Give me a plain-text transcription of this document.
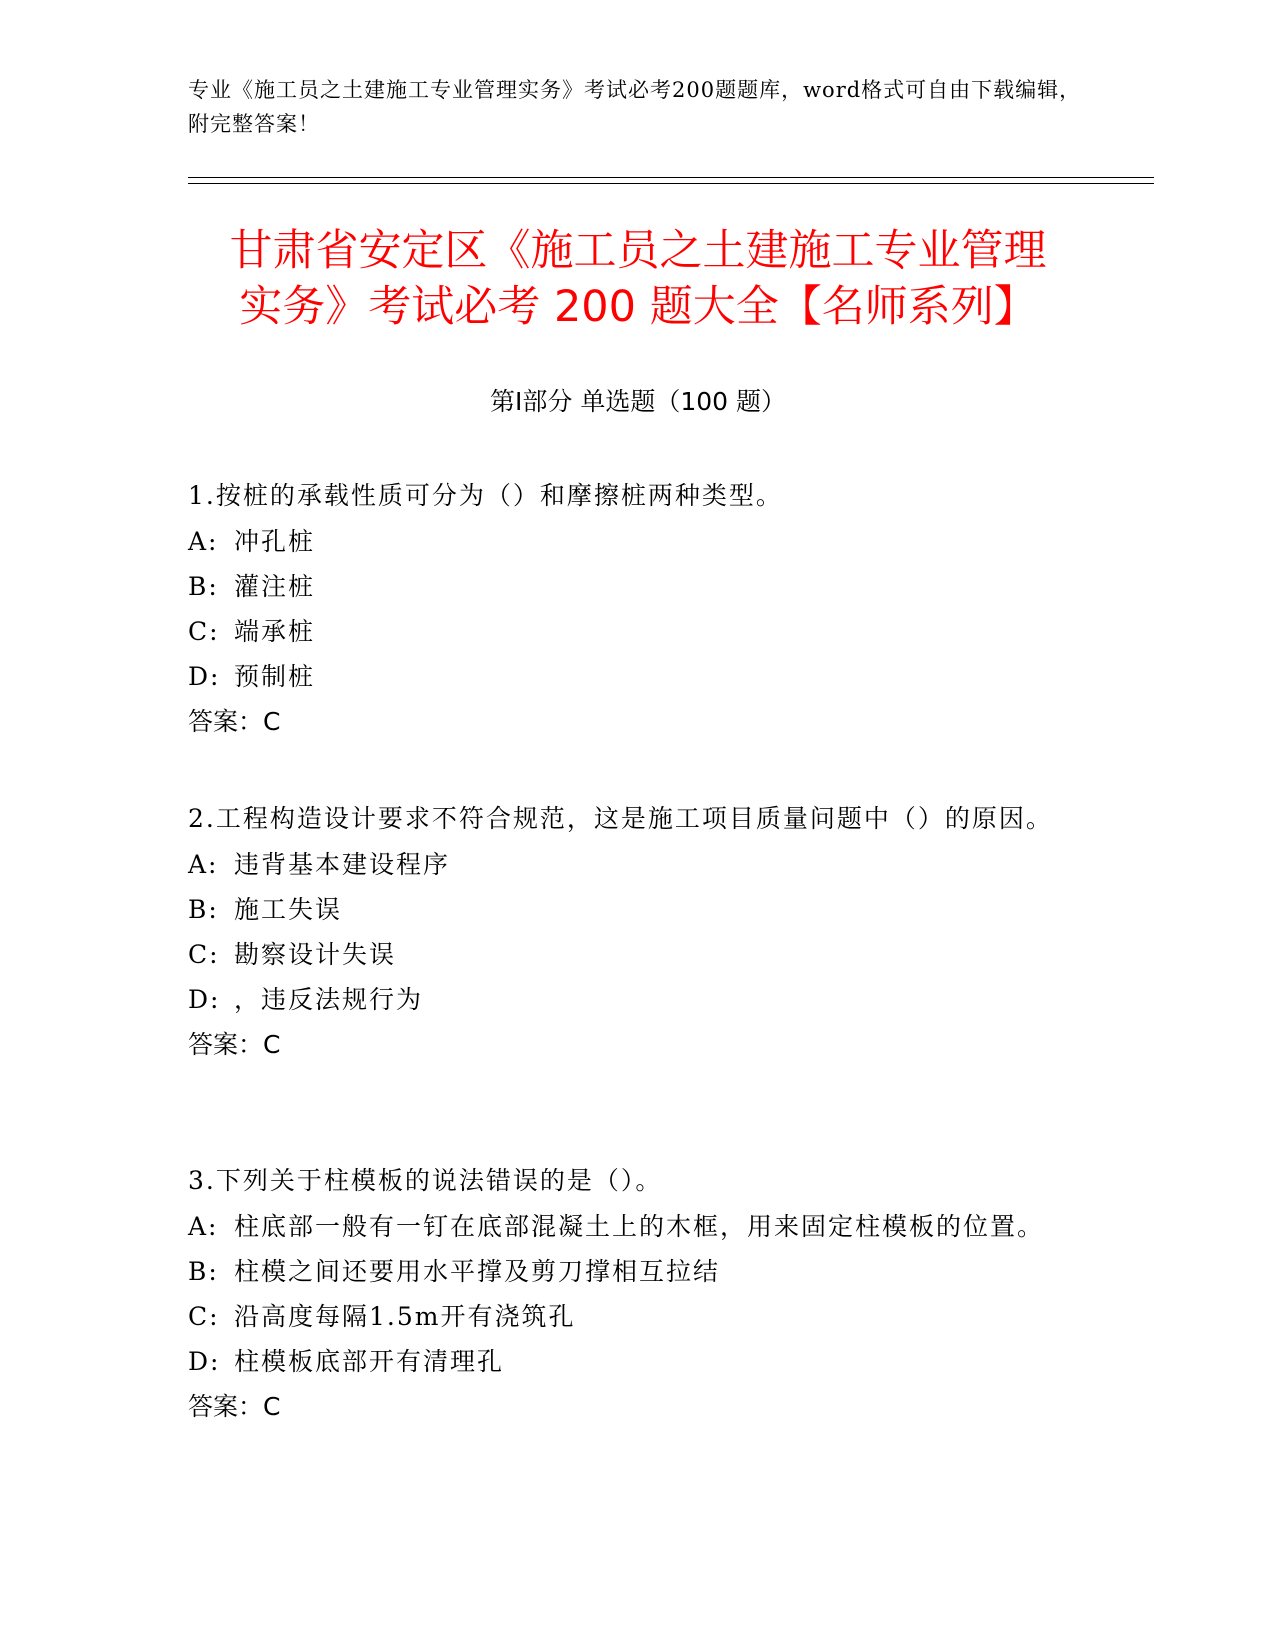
专业《施工员之土建施工专业管理实务》考试必考200题题库，word格式可自由下载编辑，附完整答案！
甘肃省安定区《施工员之土建施工专业管理
实务》考试必考 200 题大全【名师系列】
第Ⅰ部分 单选题（100 题）

1.按桩的承载性质可分为（）和摩擦桩两种类型。

A: 冲孔桩

B: 灌注桩

C: 端承桩

D: 预制桩

答案：C

2.工程构造设计要求不符合规范，这是施工项目质量问题中（）的原因。

A: 违背基本建设程序

B: 施工失误

C: 勘察设计失误

D: ，违反法规行为

答案：C

3.下列关于柱模板的说法错误的是（）。

A: 柱底部一般有一钉在底部混凝土上的木框，用来固定柱模板的位置。

B: 柱模之间还要用水平撑及剪刀撑相互拉结

C: 沿高度每隔1.5m开有浇筑孔

D: 柱模板底部开有清理孔

答案：C
